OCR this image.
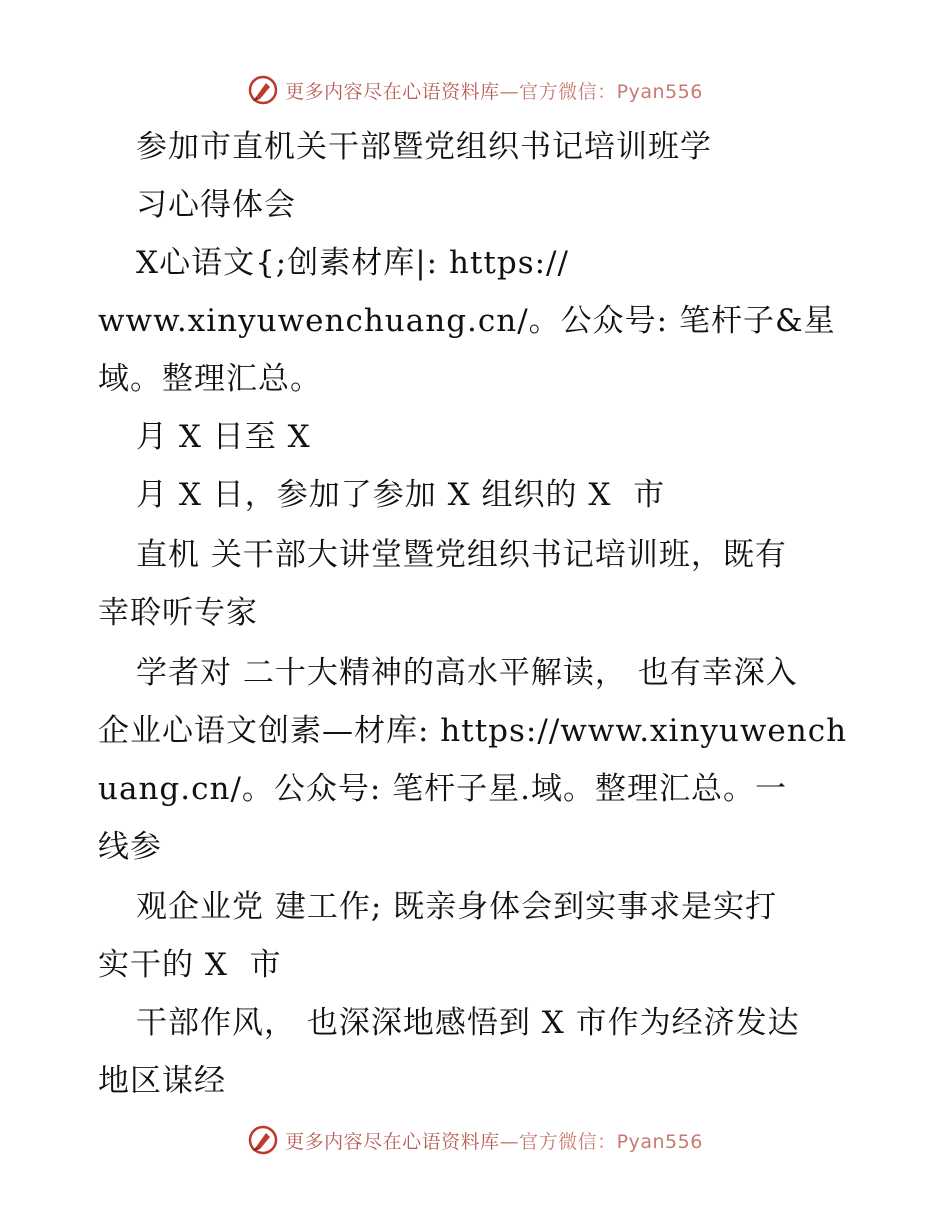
更多内容尽在心语资料库—官方微信：Pyan556
参加市直机关干部暨党组织书记培训班学
习心得体会
X心语文{;创素材库|: https://
www.xinyuwenchuang.cn/。公众号: 笔杆子&星
域。整理汇总。
月 X 日至 X
月 X 日，参加了参加 X 组织的 X  市
直机 关干部大讲堂暨党组织书记培训班，既有
幸聆听专家
学者对 二十大精神的高水平解读， 也有幸深入
企业心语文创素—材库: https://www.xinyuwench
uang.cn/。公众号: 笔杆子星.域。整理汇总。一
线参
观企业党 建工作; 既亲身体会到实事求是实打
实干的 X  市
干部作风， 也深深地感悟到 X 市作为经济发达
地区谋经
更多内容尽在心语资料库—官方微信：Pyan556
